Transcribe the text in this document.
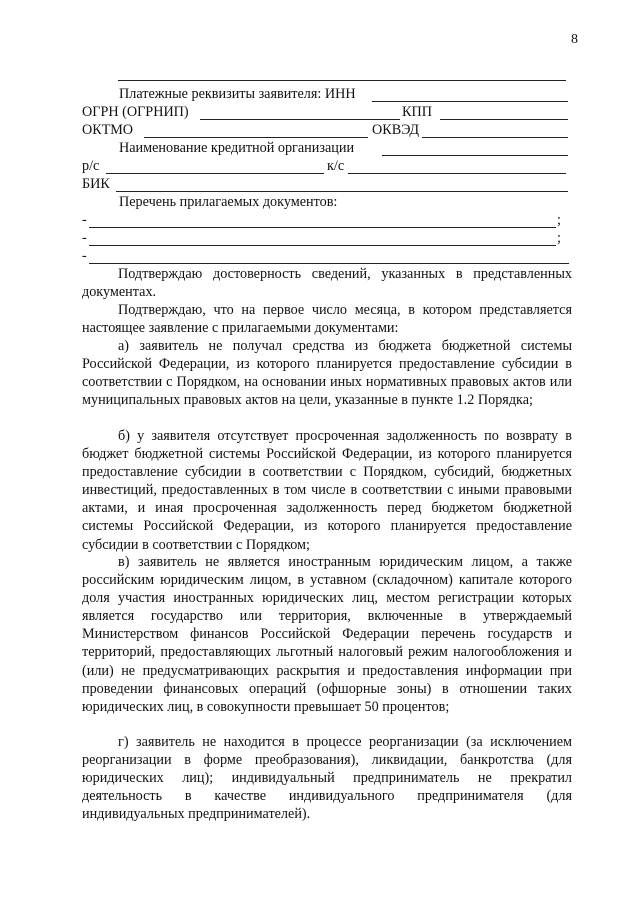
8
Платежные реквизиты заявителя: ИНН
ОГРН (ОГРНИП)	КПП
ОКТМО	ОКВЭД
Наименование кредитной организации
р/с	к/с
БИК
Перечень прилагаемых документов:
-	;
-	;
-
Подтверждаю достоверность сведений, указанных в представленных документах.
Подтверждаю, что на первое число месяца, в котором представляется настоящее заявление с прилагаемыми документами:
а) заявитель не получал средства из бюджета бюджетной системы Российской Федерации, из которого планируется предоставление субсидии в соответствии с Порядком, на основании иных нормативных правовых актов или муниципальных правовых актов на цели, указанные в пункте 1.2 Порядка;
б) у заявителя отсутствует просроченная задолженность по возврату в бюджет бюджетной системы Российской Федерации, из которого планируется предоставление субсидии в соответствии с Порядком, субсидий, бюджетных инвестиций, предоставленных в том числе в соответствии с иными правовыми актами, и иная просроченная задолженность перед бюджетом бюджетной системы Российской Федерации, из которого планируется предоставление субсидии в соответствии с Порядком;
в) заявитель не является иностранным юридическим лицом, а также российским юридическим лицом, в уставном (складочном) капитале которого доля участия иностранных юридических лиц, местом регистрации которых является государство или территория, включенные в утверждаемый Министерством финансов Российской Федерации перечень государств и территорий, предоставляющих льготный налоговый режим налогообложения и (или) не предусматривающих раскрытия и предоставления информации при проведении финансовых операций (офшорные зоны) в отношении таких юридических лиц, в совокупности превышает 50 процентов;
г) заявитель не находится в процессе реорганизации (за исключением реорганизации в форме преобразования), ликвидации, банкротства (для юридических лиц); индивидуальный предприниматель не прекратил деятельность в качестве индивидуального предпринимателя (для индивидуальных предпринимателей).
